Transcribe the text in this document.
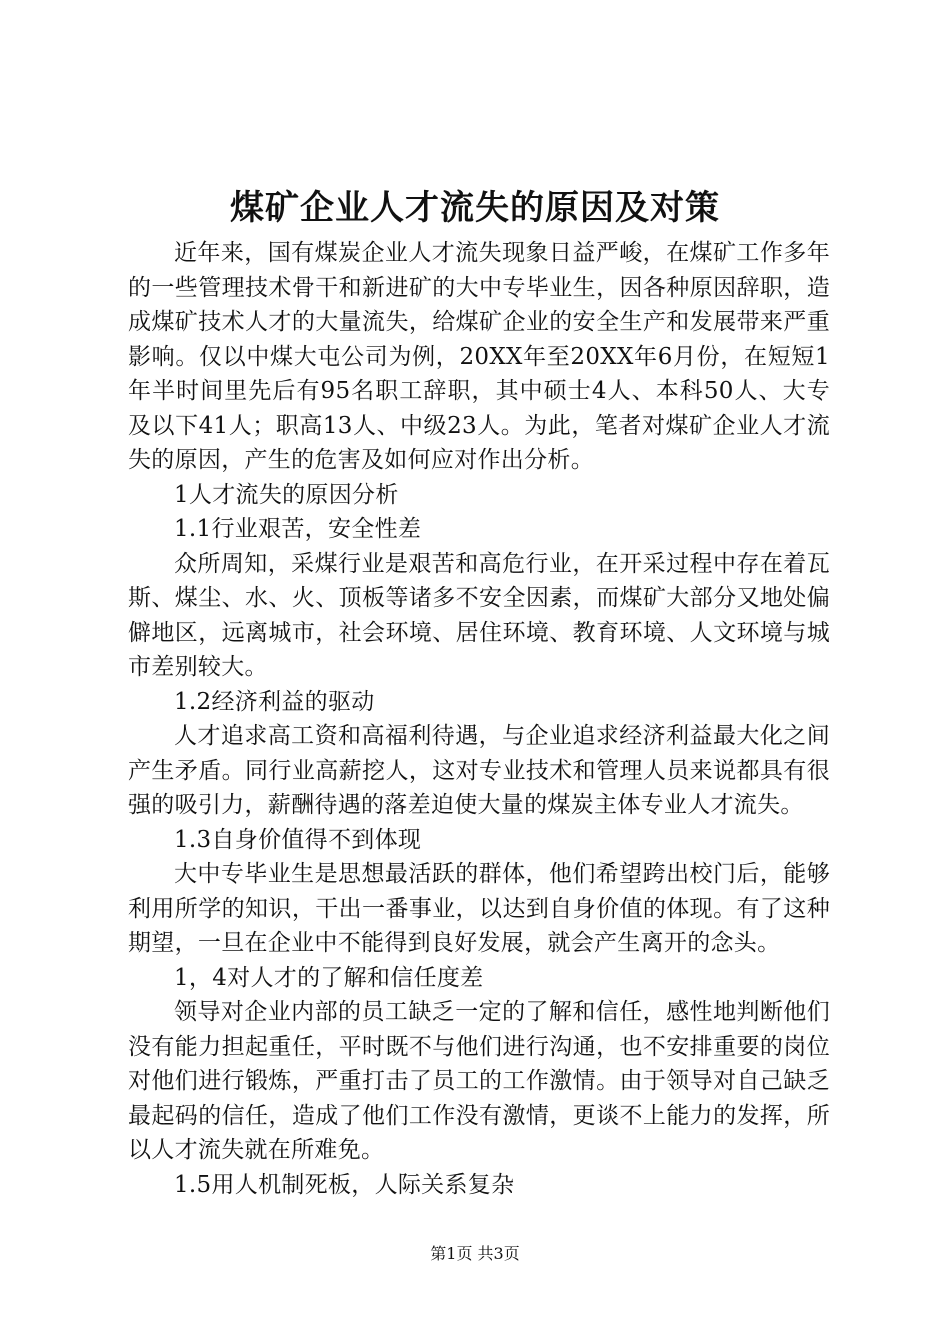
煤矿企业人才流失的原因及对策

近年来，国有煤炭企业人才流失现象日益严峻，在煤矿工作多年的一些管理技术骨干和新进矿的大中专毕业生，因各种原因辞职，造成煤矿技术人才的大量流失，给煤矿企业的安全生产和发展带来严重影响。仅以中煤大屯公司为例，20XX年至20XX年6月份，在短短1年半时间里先后有95名职工辞职，其中硕士4人、本科50人、大专及以下41人；职高13人、中级23人。为此，笔者对煤矿企业人才流失的原因，产生的危害及如何应对作出分析。

1人才流失的原因分析

1.1行业艰苦，安全性差

众所周知，采煤行业是艰苦和高危行业，在开采过程中存在着瓦斯、煤尘、水、火、顶板等诸多不安全因素，而煤矿大部分又地处偏僻地区，远离城市，社会环境、居住环境、教育环境、人文环境与城市差别较大。

1.2经济利益的驱动

人才追求高工资和高福利待遇，与企业追求经济利益最大化之间产生矛盾。同行业高薪挖人，这对专业技术和管理人员来说都具有很强的吸引力，薪酬待遇的落差迫使大量的煤炭主体专业人才流失。

1.3自身价值得不到体现

大中专毕业生是思想最活跃的群体，他们希望跨出校门后，能够利用所学的知识，干出一番事业，以达到自身价值的体现。有了这种期望，一旦在企业中不能得到良好发展，就会产生离开的念头。

1，4对人才的了解和信任度差

领导对企业内部的员工缺乏一定的了解和信任，感性地判断他们没有能力担起重任，平时既不与他们进行沟通，也不安排重要的岗位对他们进行锻炼，严重打击了员工的工作激情。由于领导对自己缺乏最起码的信任，造成了他们工作没有激情，更谈不上能力的发挥，所以人才流失就在所难免。

1.5用人机制死板，人际关系复杂

第1页 共3页
